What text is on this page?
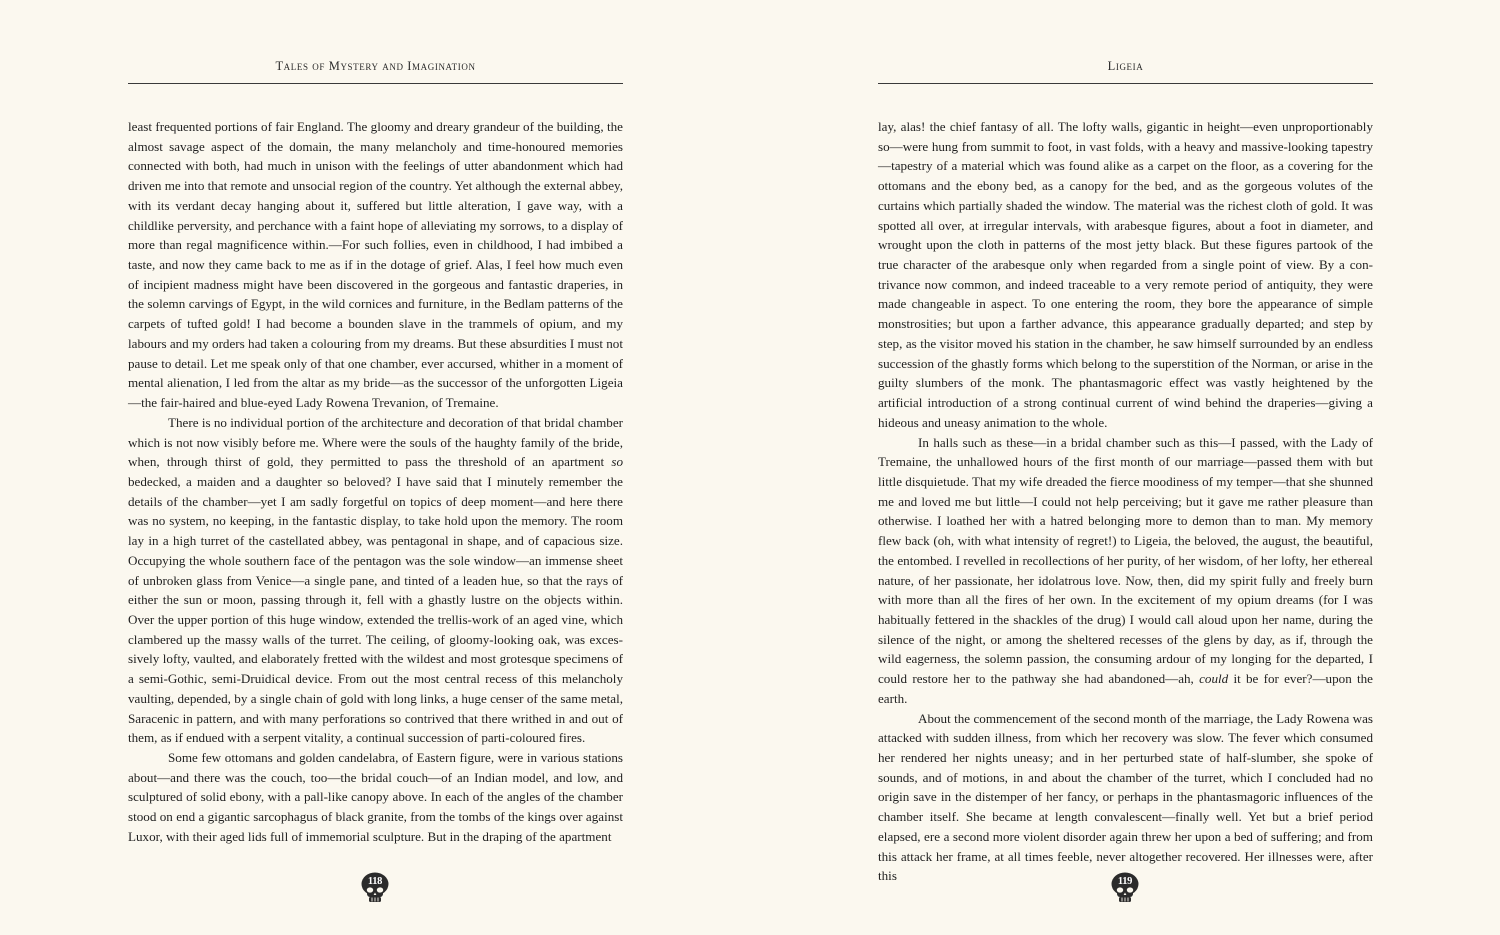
Tales of Mystery and Imagination

least frequented portions of fair England. The gloomy and dreary grandeur of the building, the almost savage aspect of the domain, the many melancholy and time-honoured memories connected with both, had much in unison with the feelings of utter abandonment which had driven me into that remote and unsocial region of the country. Yet although the external abbey, with its verdant decay hanging about it, suffered but little alteration, I gave way, with a childlike perversity, and perchance with a faint hope of alleviating my sorrows, to a display of more than regal magnificence within.—For such follies, even in childhood, I had imbibed a taste, and now they came back to me as if in the dotage of grief. Alas, I feel how much even of incipient madness might have been discovered in the gorgeous and fantastic draperies, in the solemn carvings of Egypt, in the wild cornices and furniture, in the Bedlam patterns of the carpets of tufted gold! I had become a bounden slave in the trammels of opium, and my labours and my orders had taken a colouring from my dreams. But these absurdities I must not pause to detail. Let me speak only of that one chamber, ever accursed, whither in a moment of mental alienation, I led from the altar as my bride—as the successor of the unforgotten Ligeia—the fair-haired and blue-eyed Lady Rowena Trevanion, of Tremaine.

There is no individual portion of the architecture and decoration of that bridal chamber which is not now visibly before me. Where were the souls of the haughty family of the bride, when, through thirst of gold, they permitted to pass the threshold of an apartment so bedecked, a maiden and a daughter so beloved? I have said that I minutely remember the details of the chamber—yet I am sadly forgetful on topics of deep moment—and here there was no system, no keeping, in the fantastic display, to take hold upon the memory. The room lay in a high turret of the castellated abbey, was pentagonal in shape, and of capacious size. Occupying the whole southern face of the pentagon was the sole window—an immense sheet of unbroken glass from Venice—a single pane, and tinted of a leaden hue, so that the rays of either the sun or moon, passing through it, fell with a ghastly lustre on the objects within. Over the upper portion of this huge window, extended the trellis-work of an aged vine, which clambered up the massy walls of the turret. The ceiling, of gloomy-looking oak, was excessively lofty, vaulted, and elaborately fretted with the wildest and most grotesque specimens of a semi-Gothic, semi-Druidical device. From out the most central recess of this melancholy vaulting, depended, by a single chain of gold with long links, a huge censer of the same metal, Saracenic in pattern, and with many perforations so contrived that there writhed in and out of them, as if endued with a serpent vitality, a continual succession of parti-coloured fires.

Some few ottomans and golden candelabra, of Eastern figure, were in various stations about—and there was the couch, too—the bridal couch—of an Indian model, and low, and sculptured of solid ebony, with a pall-like canopy above. In each of the angles of the chamber stood on end a gigantic sarcophagus of black granite, from the tombs of the kings over against Luxor, with their aged lids full of immemorial sculpture. But in the draping of the apartment

118
Ligeia

lay, alas! the chief fantasy of all. The lofty walls, gigantic in height—even unproportionably so—were hung from summit to foot, in vast folds, with a heavy and massive-looking tapestry—tapestry of a material which was found alike as a carpet on the floor, as a covering for the ottomans and the ebony bed, as a canopy for the bed, and as the gorgeous volutes of the curtains which partially shaded the window. The material was the richest cloth of gold. It was spotted all over, at irregular intervals, with arabesque figures, about a foot in diameter, and wrought upon the cloth in patterns of the most jetty black. But these figures partook of the true character of the arabesque only when regarded from a single point of view. By a contrivance now common, and indeed traceable to a very remote period of antiquity, they were made changeable in aspect. To one entering the room, they bore the appearance of simple monstrosities; but upon a farther advance, this appearance gradually departed; and step by step, as the visitor moved his station in the chamber, he saw himself surrounded by an endless succession of the ghastly forms which belong to the superstition of the Norman, or arise in the guilty slumbers of the monk. The phantasmagoric effect was vastly heightened by the artificial introduction of a strong continual current of wind behind the draperies—giving a hideous and uneasy animation to the whole.

In halls such as these—in a bridal chamber such as this—I passed, with the Lady of Tremaine, the unhallowed hours of the first month of our marriage—passed them with but little disquietude. That my wife dreaded the fierce moodiness of my temper—that she shunned me and loved me but little—I could not help perceiving; but it gave me rather pleasure than otherwise. I loathed her with a hatred belonging more to demon than to man. My memory flew back (oh, with what intensity of regret!) to Ligeia, the beloved, the august, the beautiful, the entombed. I revelled in recollections of her purity, of her wisdom, of her lofty, her ethereal nature, of her passionate, her idolatrous love. Now, then, did my spirit fully and freely burn with more than all the fires of her own. In the excitement of my opium dreams (for I was habitually fettered in the shackles of the drug) I would call aloud upon her name, during the silence of the night, or among the sheltered recesses of the glens by day, as if, through the wild eagerness, the solemn passion, the consuming ardour of my longing for the departed, I could restore her to the pathway she had abandoned—ah, could it be for ever?—upon the earth.

About the commencement of the second month of the marriage, the Lady Rowena was attacked with sudden illness, from which her recovery was slow. The fever which consumed her rendered her nights uneasy; and in her perturbed state of half-slumber, she spoke of sounds, and of motions, in and about the chamber of the turret, which I concluded had no origin save in the distemper of her fancy, or perhaps in the phantasmagoric influences of the chamber itself. She became at length convalescent—finally well. Yet but a brief period elapsed, ere a second more violent disorder again threw her upon a bed of suffering; and from this attack her frame, at all times feeble, never altogether recovered. Her illnesses were, after this	119
